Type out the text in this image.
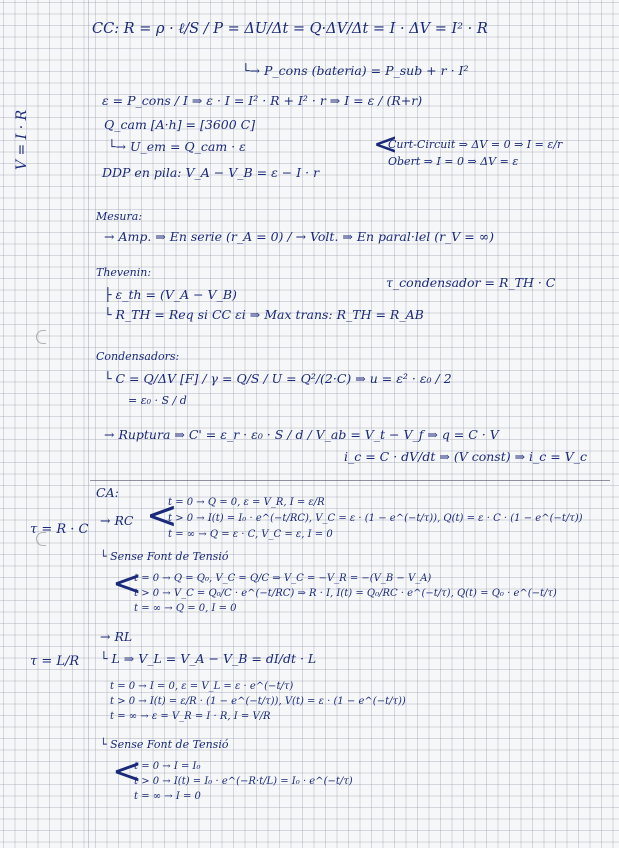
V = I · R
τ = R · C
τ = L/R
CC: R = ρ · ℓ/S / P = ΔU/Δt = Q·ΔV/Δt = I · ΔV = I² · R
└→ P_cons (bateria) = P_sub + r · I²
ε = P_cons / I ⇒ ε · I = I² · R + I² · r ⇒ I = ε / (R+r)
Q_cam [A·h] = [3600 C]
└→ U_em = Q_cam · ε	<
Curt-Circuit ⇒ ΔV = 0 ⇒ I = ε/r
Obert ⇒ I = 0 ⇒ ΔV = ε
DDP en pila: V_A − V_B = ε − I · r
Mesura:
→ Amp. ⇒ En serie (r_A = 0) / → Volt. ⇒ En paral·lel (r_V = ∞)
Thevenin:
τ_condensador = R_TH · C
├ ε_th = (V_A − V_B)
└ R_TH = Req si CC εi ⇒ Max trans: R_TH = R_AB
Condensadors:
└ C = Q/ΔV [F] / γ = Q/S / U = Q²/(2·C) ⇒ u = ε² · ε₀ / 2
= ε₀ · S / d
→ Ruptura ⇒ C' = ε_r · ε₀ · S / d / V_ab = V_t − V_f ⇒ q = C · V
i_c = C · dV/dt ⇒ (V const) ⇒ i_c = V_c
CA:
→ RC <
t = 0 → Q = 0, ε = V_R, I = ε/R
t > 0 → I(t) = I₀ · e^(−t/RC), V_C = ε · (1 − e^(−t/τ)), Q(t) = ε · C · (1 − e^(−t/τ))
t = ∞ → Q = ε · C, V_C = ε, I = 0
└ Sense Font de Tensió
<
t = 0 → Q = Q₀, V_C = Q/C ⇒ V_C = −V_R = −(V_B − V_A)
t > 0 → V_C = Q₀/C · e^(−t/RC) ⇒ R · I, I(t) = Q₀/RC · e^(−t/τ), Q(t) = Q₀ · e^(−t/τ)
t = ∞ → Q = 0, I = 0
→ RL
└ L ⇒ V_L = V_A − V_B = dI/dt · L
t = 0 → I = 0, ε = V_L = ε · e^(−t/τ)
t > 0 → I(t) = ε/R · (1 − e^(−t/τ)), V(t) = ε · (1 − e^(−t/τ))
t = ∞ → ε = V_R = I · R, I = V/R
└ Sense Font de Tensió
<
t = 0 → I = I₀
t > 0 → I(t) = I₀ · e^(−R·t/L) = I₀ · e^(−t/τ)
t = ∞ → I = 0
